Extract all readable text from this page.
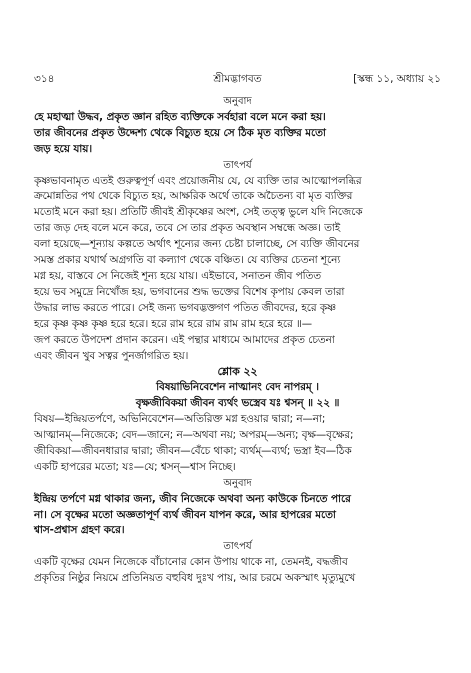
৩১৪	শ্রীমদ্ভাগবত	[স্কন্ধ ১১, অধ্যায় ২১
অনুবাদ

হে মহাত্মা উদ্ধব, প্রকৃত জ্ঞান রহিত ব্যক্তিকে সর্বহারা বলে মনে করা হয়।

তার জীবনের প্রকৃত উদ্দেশ্য থেকে বিচ্যুত হয়ে সে ঠিক মৃত ব্যক্তির মতো

জড় হয়ে যায়।

তাৎপর্য

কৃষ্ণভাবনামৃত এতই গুরুত্বপূর্ণ এবং প্রয়োজনীয় যে, যে ব্যক্তি তার আত্মোপলব্ধির

ক্রমোন্নতির পথ থেকে বিচ্যুত হয়, আক্ষরিক অর্থে তাকে অচৈতন্য বা মৃত ব্যক্তির

মতোই মনে করা হয়। প্রতিটি জীবই শ্রীকৃষ্ণের অংশ, সেই তত্ত্ব ভুলে যদি নিজেকে

তার জড় দেহ বলে মনে করে, তবে সে তার প্রকৃত অবস্থান সম্বন্ধে অজ্ঞ। তাই

বলা হয়েছে—শূন্যায় কল্পতে অর্থাৎ শূন্যের জন্য চেষ্টা চালাচ্ছে, সে ব্যক্তি জীবনের

সমস্ত প্রকার যথার্থ অগ্রগতি বা কল্যাণ থেকে বঞ্চিত। যে ব্যক্তির চেতনা শূন্যে

মগ্ন হয়, বাস্তবে সে নিজেই শূন্য হয়ে যায়। এইভাবে, সনাতন জীব পতিত

হয়ে ভব সমুদ্রে নিখোঁজ হয়, ভগবানের শুদ্ধ ভক্তের বিশেষ কৃপায় কেবল তারা

উদ্ধার লাভ করতে পারে। সেই জন্য ভগবদ্ভক্তগণ পতিত জীবদের, হরে কৃষ্ণ

হরে কৃষ্ণ কৃষ্ণ কৃষ্ণ হরে হরে। হরে রাম হরে রাম রাম রাম হরে হরে ॥—

জপ করতে উপদেশ প্রদান করেন। এই পন্থার মাধ্যমে আমাদের প্রকৃত চেতনা

এবং জীবন খুব সত্বর পুনর্জাগরিত হয়।

শ্লোক ২২

বিষয়াভিনিবেশেন নাত্মানং বেদ নাপরম্ ।

বৃক্ষজীবিকয়া জীবন ব্যর্থং ভস্ত্রেব যঃ শ্বসন্ ॥ ২২ ॥

বিষয়—ইন্দ্রিয়তর্পণে, অভিনিবেশেন—অতিরিক্ত মগ্ন হওয়ার দ্বারা; ন—না;

আত্মানম্—নিজেকে; বেদ—জানে; ন—অথবা নয়; অপরম্—অন্য; বৃক্ষ—বৃক্ষের;

জীবিকয়া—জীবনধারার দ্বারা; জীবন—বেঁচে থাকা; ব্যর্থম্—ব্যর্থ; ভস্ত্রা ইব—ঠিক

একটি হাপরের মতো; যঃ—যে; শ্বসন্—শ্বাস নিচ্ছে।

অনুবাদ

ইন্দ্রিয় তর্পণে মগ্ন থাকার জন্য, জীব নিজেকে অথবা অন্য কাউকে চিনতে পারে

না। সে বৃক্ষের মতো অজ্ঞতাপূর্ণ ব্যর্থ জীবন যাপন করে, আর হাপরের মতো

শ্বাস-প্রশ্বাস গ্রহণ করে।

তাৎপর্য

একটি বৃক্ষের যেমন নিজেকে বাঁচানোর কোন উপায় থাকে না, তেমনই, বদ্ধজীব

প্রকৃতির নিষ্ঠুর নিয়মে প্রতিনিয়ত বহুবিধ দুঃখ পায়, আর চরমে অকস্মাৎ মৃত্যুমুখে
